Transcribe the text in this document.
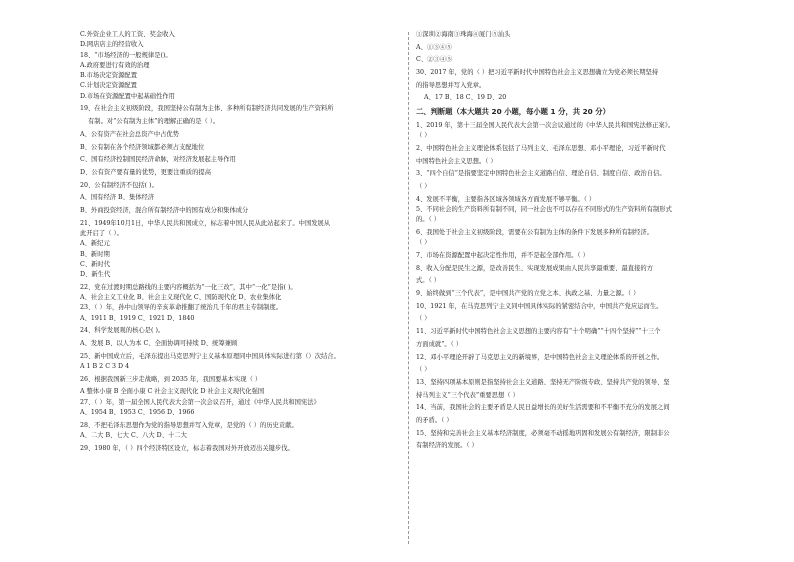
C.外资企业工人的工资、奖金收入
D.网店店主的经营收入
18、“市场经济的一般规律是()。
A.政府要进行有效的治理
B.市场决定资源配置
C.计划决定资源配置
D.市场在资源配置中起基础性作用
19、在社会主义初级阶段，我国坚持公有制为主体、多种所有制经济共同发展的生产资料所
有制。对“公有制为主体”的理解正确的是（ ）。
A、公有资产在社会总资产中占优势
B、公有制在各个经济领域都必须占支配地位
C、国有经济控制国民经济命脉，对经济发展起主导作用
D、公有资产要有量的优势，更要注重质的提高
20、公有制经济不包括( )。
A、国有经济 B、集体经济
B、外商投资经济，混合所有制经济中的国有成分和集体成分
21、1949年10月1日，中华人民共和国成立，标志着中国人民从此站起来了。中国发展从
此开启了（ ）。
A、新纪元
B、新时期
C、新时代
D、新生代
22、党在过渡时期总路线的主要内容概括为“一化三改”，其中“一化”是指( )。
A、社会主义工业化 B、社会主义现代化 C、国防现代化 D、农业集体化
23、（ ）年，孙中山领导的辛亥革命推翻了统治几千年的君主专制制度。
A、1911 B、1919 C、1921 D、1840
24、科学发展观的核心是( )。
A、发展 B、以人为本 C、全面协调可持续 D、统筹兼顾
25、新中国成立后，毛泽东提出马克思列宁主义基本原理同中国具体实际进行第（）次结合。
A 1 B 2 C 3 D 4
26、根据我国新三步走战略，到 2035 年，我国要基本实现（ ）
A 整体小康 B 全面小康 C 社会主义现代化 D 社会主义现代化强国
27、（ ）年，第一届全国人民代表大会第一次会议召开，通过《中华人民共和国宪法》
A、1954 B、1953 C、1956 D、1966
28、不把毛泽东思想作为党的指导思想并写入党章，是党的（ ）的历史贡献。
A、二大 B、七大 C、八大 D、十二大
29、1980 年，（ ）四个经济特区设立，标志着我国对外开放迈出关键步伐。
①深圳②海南③珠海④厦门⑤汕头
A、①③④⑤
C、②③④⑤
30、2017 年，党的（ ）把习近平新时代中国特色社会主义思想确立为党必须长期坚持
的指导思想并写入党章。
A、17 B、18 C、19 D、20
二、判断题（本大题共 20 小题，每小题 1 分，共 20 分）
1、2019 年，第十三届全国人民代表大会第一次会议通过的《中华人民共和国宪法修正案》。
（ ）
2、中国特色社会主义理论体系包括了马列主义、毛泽东思想、邓小平理论，习近平新时代
中国特色社会主义思想。（ ）
3、“四个自信”是指要坚定中国特色社会主义道路自信、理论自信、制度自信、政治自信。
（ ）
4、发展不平衡，主要指各区域各领域各方面发展不够平衡。（ ）
5、不同社会的生产资料所有制不同，同一社会也不可以存在不同形式的生产资料所有制形式
的。（ ）
6、我国处于社会主义初级阶段，需要在公有制为主体的条件下发展多种所有制经济。
（ ）
7、市场在资源配置中起决定性作用，并不是起全部作用。（ ）
8、收入分配是民生之源，是改善民生、实现发展成果由人民共享最重要、最直接的方
式。（ ）
9、始终做到“三个代表”，是中国共产党的立党之本、执政之基、力量之源。（ ）
10、1921 年，在马克思列宁主义同中国具体实际的紧密结合中，中国共产党应运而生。
（ ）
11、习近平新时代中国特色社会主义思想的主要内容有“十个明确”“十四个坚持”“十三个
方面成就”。（ ）
12、邓小平理论开辟了马克思主义的新境界，是中国特色社会主义理论体系的开创之作。
（ ）
13、坚持四项基本原则是指坚持社会主义道路、坚持无产阶级专政、坚持共产党的领导、坚
持马列主义“三个代表”重要思想（ ）
14、当前，我国社会的主要矛盾是人民日益增长的美好生活需要和不平衡不充分的发展之间
的矛盾。（ ）
15、坚持和完善社会主义基本经济制度，必须毫不动摇地巩固和发展公有制经济，限制非公
有制经济的发展。（ ）
